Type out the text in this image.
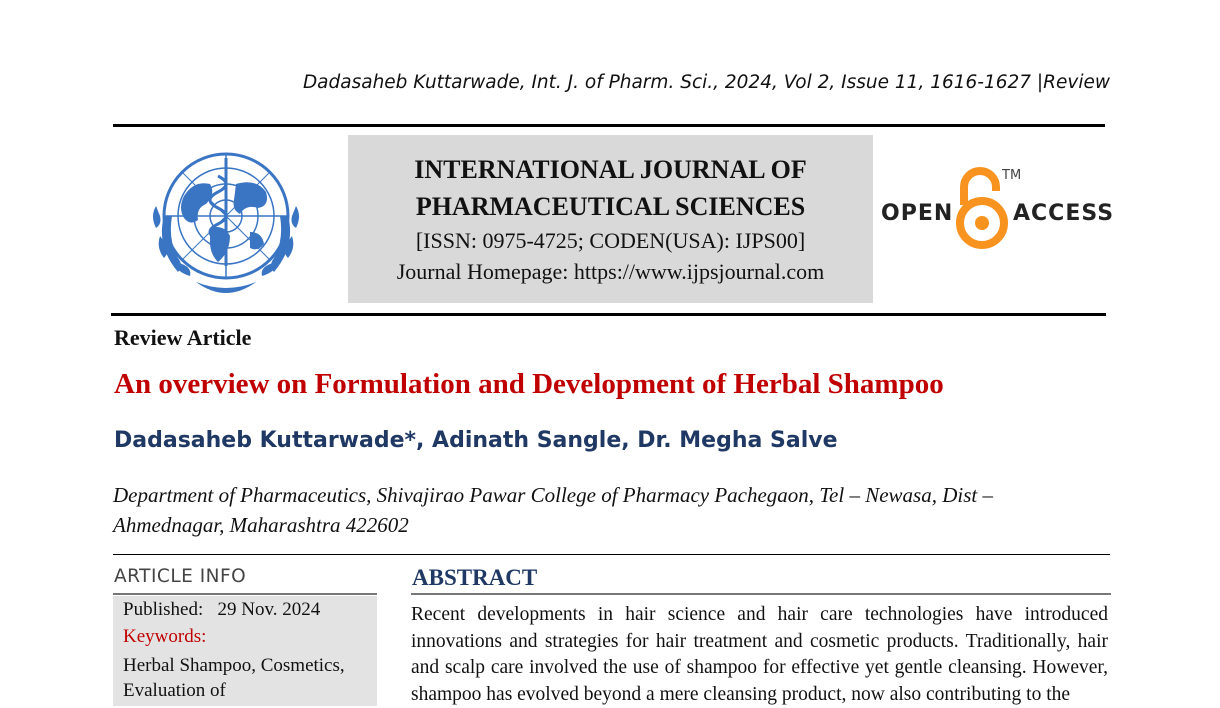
Dadasaheb Kuttarwade, Int. J. of Pharm. Sci., 2024, Vol 2, Issue 11, 1616-1627 |Review
INTERNATIONAL JOURNAL OF
PHARMACEUTICAL SCIENCES
[ISSN: 0975-4725; CODEN(USA): IJPS00]
Journal Homepage: https://www.ijpsjournal.com
OPEN
TM
ACCESS
Review Article
An overview on Formulation and Development of Herbal Shampoo
Dadasaheb Kuttarwade*, Adinath Sangle, Dr. Megha Salve
Department of Pharmaceutics, Shivajirao Pawar College of Pharmacy Pachegaon, Tel – Newasa, Dist – Ahmednagar, Maharashtra 422602
ARTICLE INFO
Published:   29 Nov. 2024
Keywords:
Herbal Shampoo, Cosmetics, Evaluation of
ABSTRACT
Recent developments in hair science and hair care technologies have introduced innovations and strategies for hair treatment and cosmetic products. Traditionally, hair and scalp care involved the use of shampoo for effective yet gentle cleansing. However, shampoo has evolved beyond a mere cleansing product, now also contributing to the
